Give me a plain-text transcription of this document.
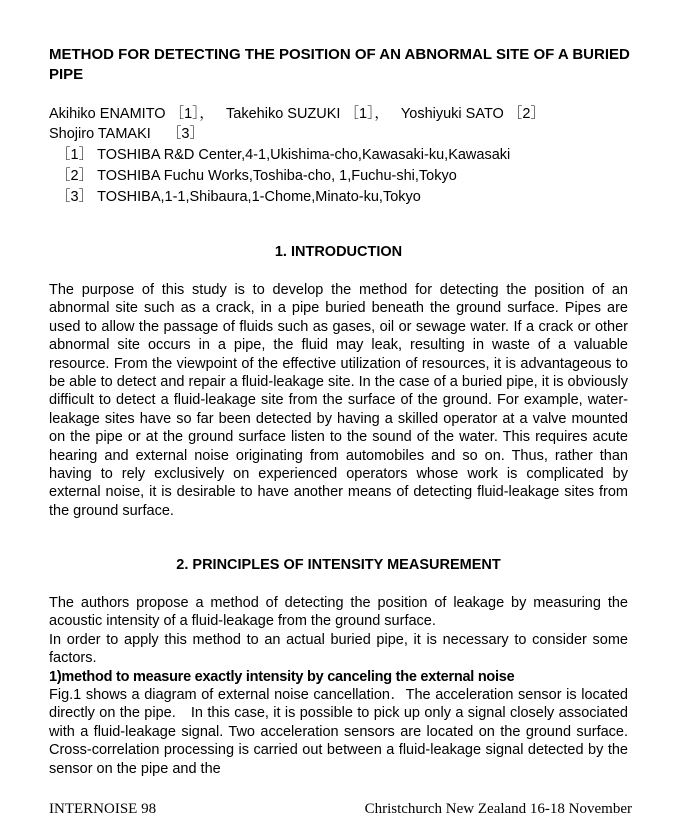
METHOD FOR DETECTING THE POSITION OF AN ABNORMAL SITE OF A BURIED PIPE
Akihiko ENAMITO ［1］， Takehiko SUZUKI ［1］， Yoshiyuki SATO ［2］
Shojiro TAMAKI ［3］
［1］ TOSHIBA R&D Center,4-1,Ukishima-cho,Kawasaki-ku,Kawasaki
［2］ TOSHIBA Fuchu Works,Toshiba-cho, 1,Fuchu-shi,Tokyo
［3］ TOSHIBA,1-1,Shibaura,1-Chome,Minato-ku,Tokyo
1. INTRODUCTION
The purpose of this study is to develop the method for detecting the position of an abnormal site such as a crack, in a pipe buried beneath the ground surface. Pipes are used to allow the passage of fluids such as gases, oil or sewage water. If a crack or other abnormal site occurs in a pipe, the fluid may leak, resulting in waste of a valuable resource. From the viewpoint of the effective utilization of resources, it is advantageous to be able to detect and repair a fluid-leakage site. In the case of a buried pipe, it is obviously difficult to detect a fluid-leakage site from the surface of the ground. For example, water-leakage sites have so far been detected by having a skilled operator at a valve mounted on the pipe or at the ground surface listen to the sound of the water. This requires acute hearing and external noise originating from automobiles and so on. Thus, rather than having to rely exclusively on experienced operators whose work is complicated by external noise, it is desirable to have another means of detecting fluid-leakage sites from the ground surface.
2. PRINCIPLES OF INTENSITY MEASUREMENT
The authors propose a method of detecting the position of leakage by measuring the acoustic intensity of a fluid-leakage from the ground surface.
In order to apply this method to an actual buried pipe, it is necessary to consider some factors.
1)method to measure exactly intensity by canceling the external noise
Fig.1 shows a diagram of external noise cancellation．The acceleration sensor is located directly on the pipe.　In this case, it is possible to pick up only a signal closely associated with a fluid-leakage signal. Two acceleration sensors are located on the ground surface. Cross-correlation processing is carried out between a fluid-leakage signal detected by the sensor on the pipe and the
INTERNOISE 98	Christchurch New Zealand 16-18 November
